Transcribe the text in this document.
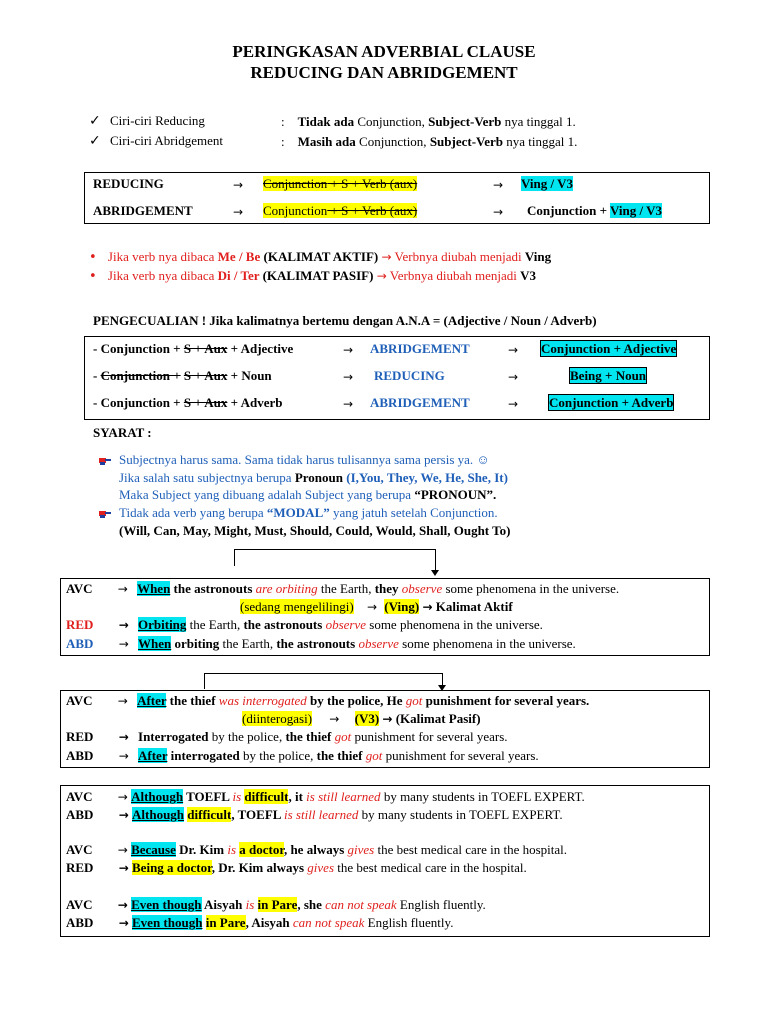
PERINGKASAN ADVERBIAL CLAUSE
REDUCING DAN ABRIDGEMENT
✓ Ciri-ciri Reducing	: Tidak ada Conjunction, Subject-Verb nya tinggal 1.
✓ Ciri-ciri Abridgement	: Masih ada Conjunction, Subject-Verb nya tinggal 1.
REDUCING	→ Conjunction + S + Verb (aux)	→ Ving / V3
ABRIDGEMENT	→ Conjunction + S + Verb (aux)	→ Conjunction + Ving / V3
• Jika verb nya dibaca Me / Be (KALIMAT AKTIF) → Verbnya diubah menjadi Ving
• Jika verb nya dibaca Di / Ter (KALIMAT PASIF) → Verbnya diubah menjadi V3
PENGECUALIAN ! Jika kalimatnya bertemu dengan A.N.A = (Adjective / Noun / Adverb)
- Conjunction + S + Aux + Adjective	→ ABRIDGEMENT	→ Conjunction + Adjective
- Conjunction + S + Aux + Noun	→ REDUCING	→	Being + Noun
- Conjunction + S + Aux + Adverb	→ ABRIDGEMENT	→ Conjunction + Adverb
SYARAT :
Subjectnya harus sama. Sama tidak harus tulisannya sama persis ya. ☺
Jika salah satu subjectnya berupa Pronoun (I,You, They, We, He, She, It)
Maka Subject yang dibuang adalah Subject yang berupa “PRONOUN”.
Tidak ada verb yang berupa “MODAL” yang jatuh setelah Conjunction.
(Will, Can, May, Might, Must, Should, Could, Would, Shall, Ought To)
AVC → When the astronouts are orbiting the Earth, they observe some phenomena in the universe.
(sedang mengelilingi) → (Ving) → Kalimat Aktif
RED → Orbiting the Earth, the astronouts observe some phenomena in the universe.
ABD → When orbiting the Earth, the astronouts observe some phenomena in the universe.
AVC → After the thief was interrogated by the police, He got punishment for several years.
(diinterogasi) → (V3) → (Kalimat Pasif)
RED → Interrogated by the police, the thief got punishment for several years.
ABD → After interrogated by the police, the thief got punishment for several years.
AVC → Although TOEFL is difficult, it is still learned by many students in TOEFL EXPERT.
ABD → Although difficult, TOEFL is still learned by many students in TOEFL EXPERT.
AVC → Because Dr. Kim is a doctor, he always gives the best medical care in the hospital.
RED → Being a doctor, Dr. Kim always gives the best medical care in the hospital.
AVC → Even though Aisyah is in Pare, she can not speak English fluently.
ABD → Even though in Pare, Aisyah can not speak English fluently.
